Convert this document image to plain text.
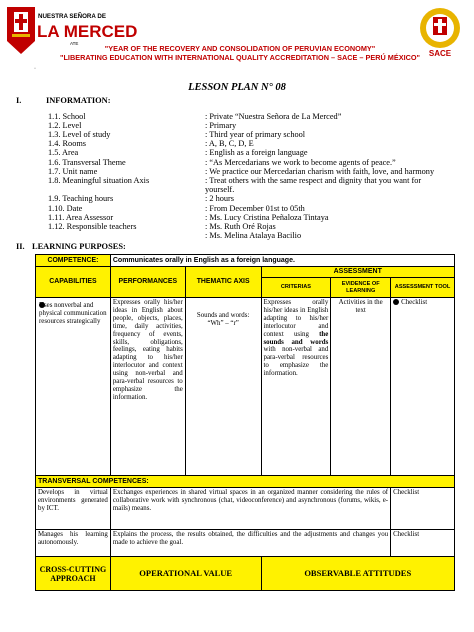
NUESTRA SEÑORA DE
LA MERCED
ATE
SACE
"YEAR OF THE RECOVERY AND CONSOLIDATION OF PERUVIAN ECONOMY"
"LIBERATING EDUCATION WITH INTERNATIONAL QUALITY ACCREDITATION – SACE – PERÚ MÉXICO"
·
LESSON PLAN N° 08
I.	INFORMATION:
1.1. School	: Private “Nuestra Señora de La Merced”
1.2. Level	: Primary
1.3. Level of study	: Third year of primary school
1.4. Rooms	: A, B, C, D, E
1.5. Area	: English as a foreign language
1.6. Transversal Theme	: “As Mercedarians we work to become agents of peace.”
1.7. Unit name	: We practice our Mercedarian charism with faith, love, and harmony
1.8. Meaningful situation Axis	: Treat others with the same respect and dignity that you want for
yourself.
1.9. Teaching hours	: 2 hours
1.10. Date	: From December 01st to 05th
1.11. Area Assessor	: Ms. Lucy Cristina Peñaloza Tintaya
1.12. Responsible teachers	: Ms. Ruth Oré Rojas
: Ms. Melina Atalaya Bacilio
II. LEARNING PURPOSES:
COMPETENCE:	Communicates orally in English as a foreign language.				
CAPABILITIES	PERFORMANCES	THEMATIC AXIS	ASSESSMENT		
			CRITERIAS	EVIDENCE OF LEARNING	ASSESSMENT TOOL

Uses nonverbal and physical communication resources strategically	Expresses orally his/her ideas in English about people, objects, places, time, daily activities, frequency of events, skills, obligations, feelings, eating habits adapting to his/her interlocutor and context using non-verbal and para-verbal resources to emphasize the information.	Sounds and words:
“Wh” – “r”	Expresses orally his/her ideas in English adapting to his/her interlocutor and context using the sounds and words with non-verbal and para-verbal resources to emphasize the information.	Activities in the text	Checklist
TRANSVERSAL COMPETENCES:					
Develops in virtual environments generated by ICT.	Exchanges experiences in shared virtual spaces in an organized manner considering the rules of collaborative work with synchronous (chat, videoconference) and asynchronous (forums, wikis, e-mails) means.				Checklist
Manages his learning autonomously.	Explains the process, the results obtained, the difficulties and the adjustments and changes you made to achieve the goal.				Checklist
CROSS-CUTTING APPROACH	OPERATIONAL VALUE		OBSERVABLE ATTITUDES		
